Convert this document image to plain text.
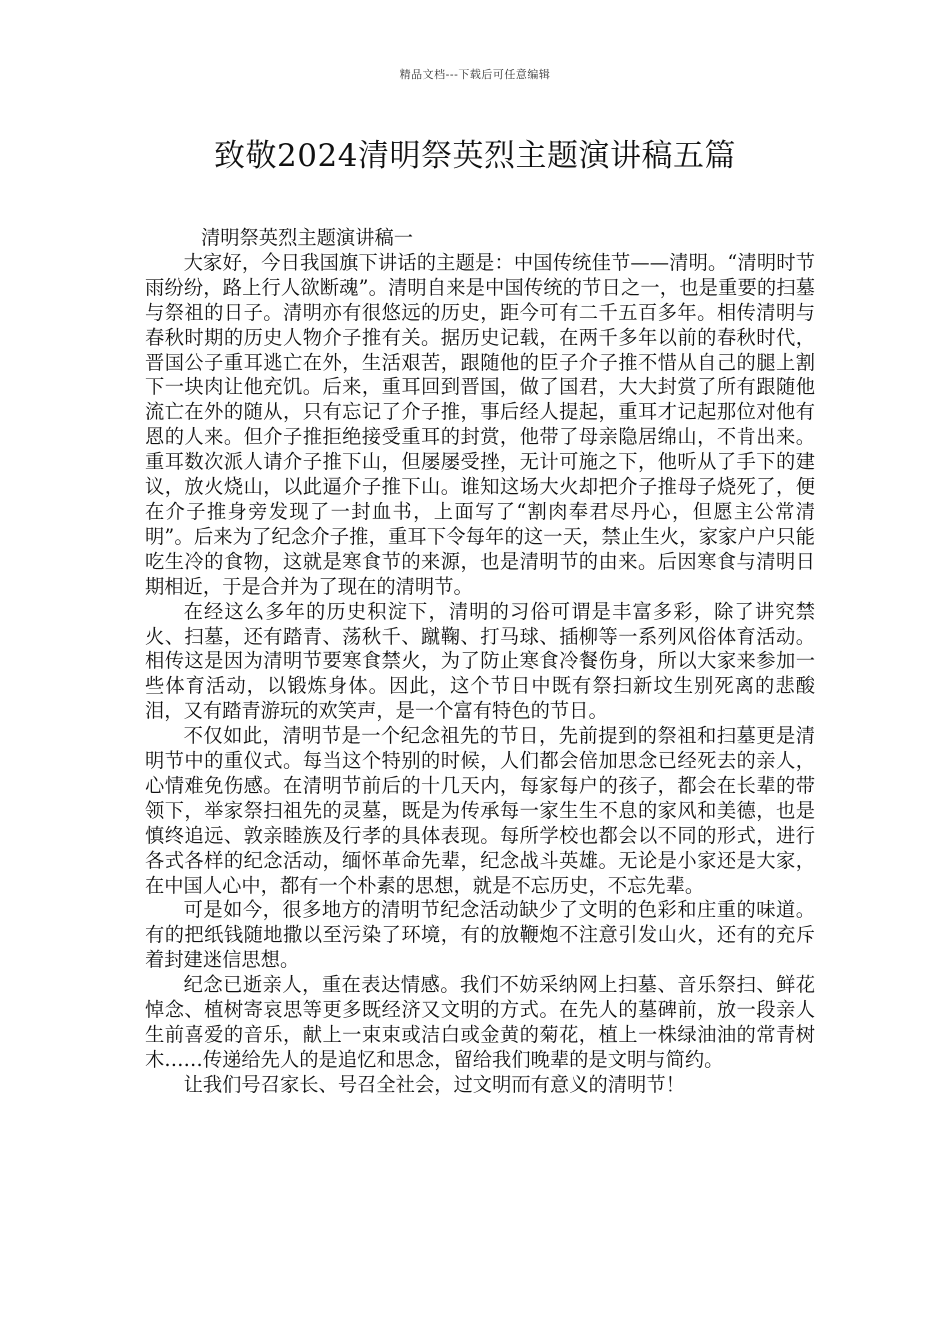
精品文档---下载后可任意编辑
致敬2024清明祭英烈主题演讲稿五篇

清明祭英烈主题演讲稿一

大家好，今日我国旗下讲话的主题是：中国传统佳节——清明。“清明时节雨纷纷，路上行人欲断魂”。清明自来是中国传统的节日之一，也是重要的扫墓与祭祖的日子。清明亦有很悠远的历史，距今可有二千五百多年。相传清明与春秋时期的历史人物介子推有关。据历史记载，在两千多年以前的春秋时代，晋国公子重耳逃亡在外，生活艰苦，跟随他的臣子介子推不惜从自己的腿上割下一块肉让他充饥。后来，重耳回到晋国，做了国君，大大封赏了所有跟随他流亡在外的随从，只有忘记了介子推，事后经人提起，重耳才记起那位对他有恩的人来。但介子推拒绝接受重耳的封赏，他带了母亲隐居绵山，不肯出来。重耳数次派人请介子推下山，但屡屡受挫，无计可施之下，他听从了手下的建议，放火烧山，以此逼介子推下山。谁知这场大火却把介子推母子烧死了，便在介子推身旁发现了一封血书，上面写了“割肉奉君尽丹心，但愿主公常清明”。后来为了纪念介子推，重耳下令每年的这一天，禁止生火，家家户户只能吃生冷的食物，这就是寒食节的来源，也是清明节的由来。后因寒食与清明日期相近，于是合并为了现在的清明节。

在经这么多年的历史积淀下，清明的习俗可谓是丰富多彩，除了讲究禁火、扫墓，还有踏青、荡秋千、蹴鞠、打马球、插柳等一系列风俗体育活动。相传这是因为清明节要寒食禁火，为了防止寒食冷餐伤身，所以大家来参加一些体育活动，以锻炼身体。因此，这个节日中既有祭扫新坟生别死离的悲酸泪，又有踏青游玩的欢笑声，是一个富有特色的节日。

不仅如此，清明节是一个纪念祖先的节日，先前提到的祭祖和扫墓更是清明节中的重仪式。每当这个特别的时候，人们都会倍加思念已经死去的亲人，心情难免伤感。在清明节前后的十几天内，每家每户的孩子，都会在长辈的带领下，举家祭扫祖先的灵墓，既是为传承每一家生生不息的家风和美德，也是慎终追远、敦亲睦族及行孝的具体表现。每所学校也都会以不同的形式，进行各式各样的纪念活动，缅怀革命先辈，纪念战斗英雄。无论是小家还是大家，在中国人心中，都有一个朴素的思想，就是不忘历史，不忘先辈。

可是如今，很多地方的清明节纪念活动缺少了文明的色彩和庄重的味道。有的把纸钱随地撒以至污染了环境，有的放鞭炮不注意引发山火，还有的充斥着封建迷信思想。

纪念已逝亲人，重在表达情感。我们不妨采纳网上扫墓、音乐祭扫、鲜花悼念、植树寄哀思等更多既经济又文明的方式。在先人的墓碑前，放一段亲人生前喜爱的音乐，献上一束束或洁白或金黄的菊花，植上一株绿油油的常青树木……传递给先人的是追忆和思念，留给我们晚辈的是文明与简约。

让我们号召家长、号召全社会，过文明而有意义的清明节！
